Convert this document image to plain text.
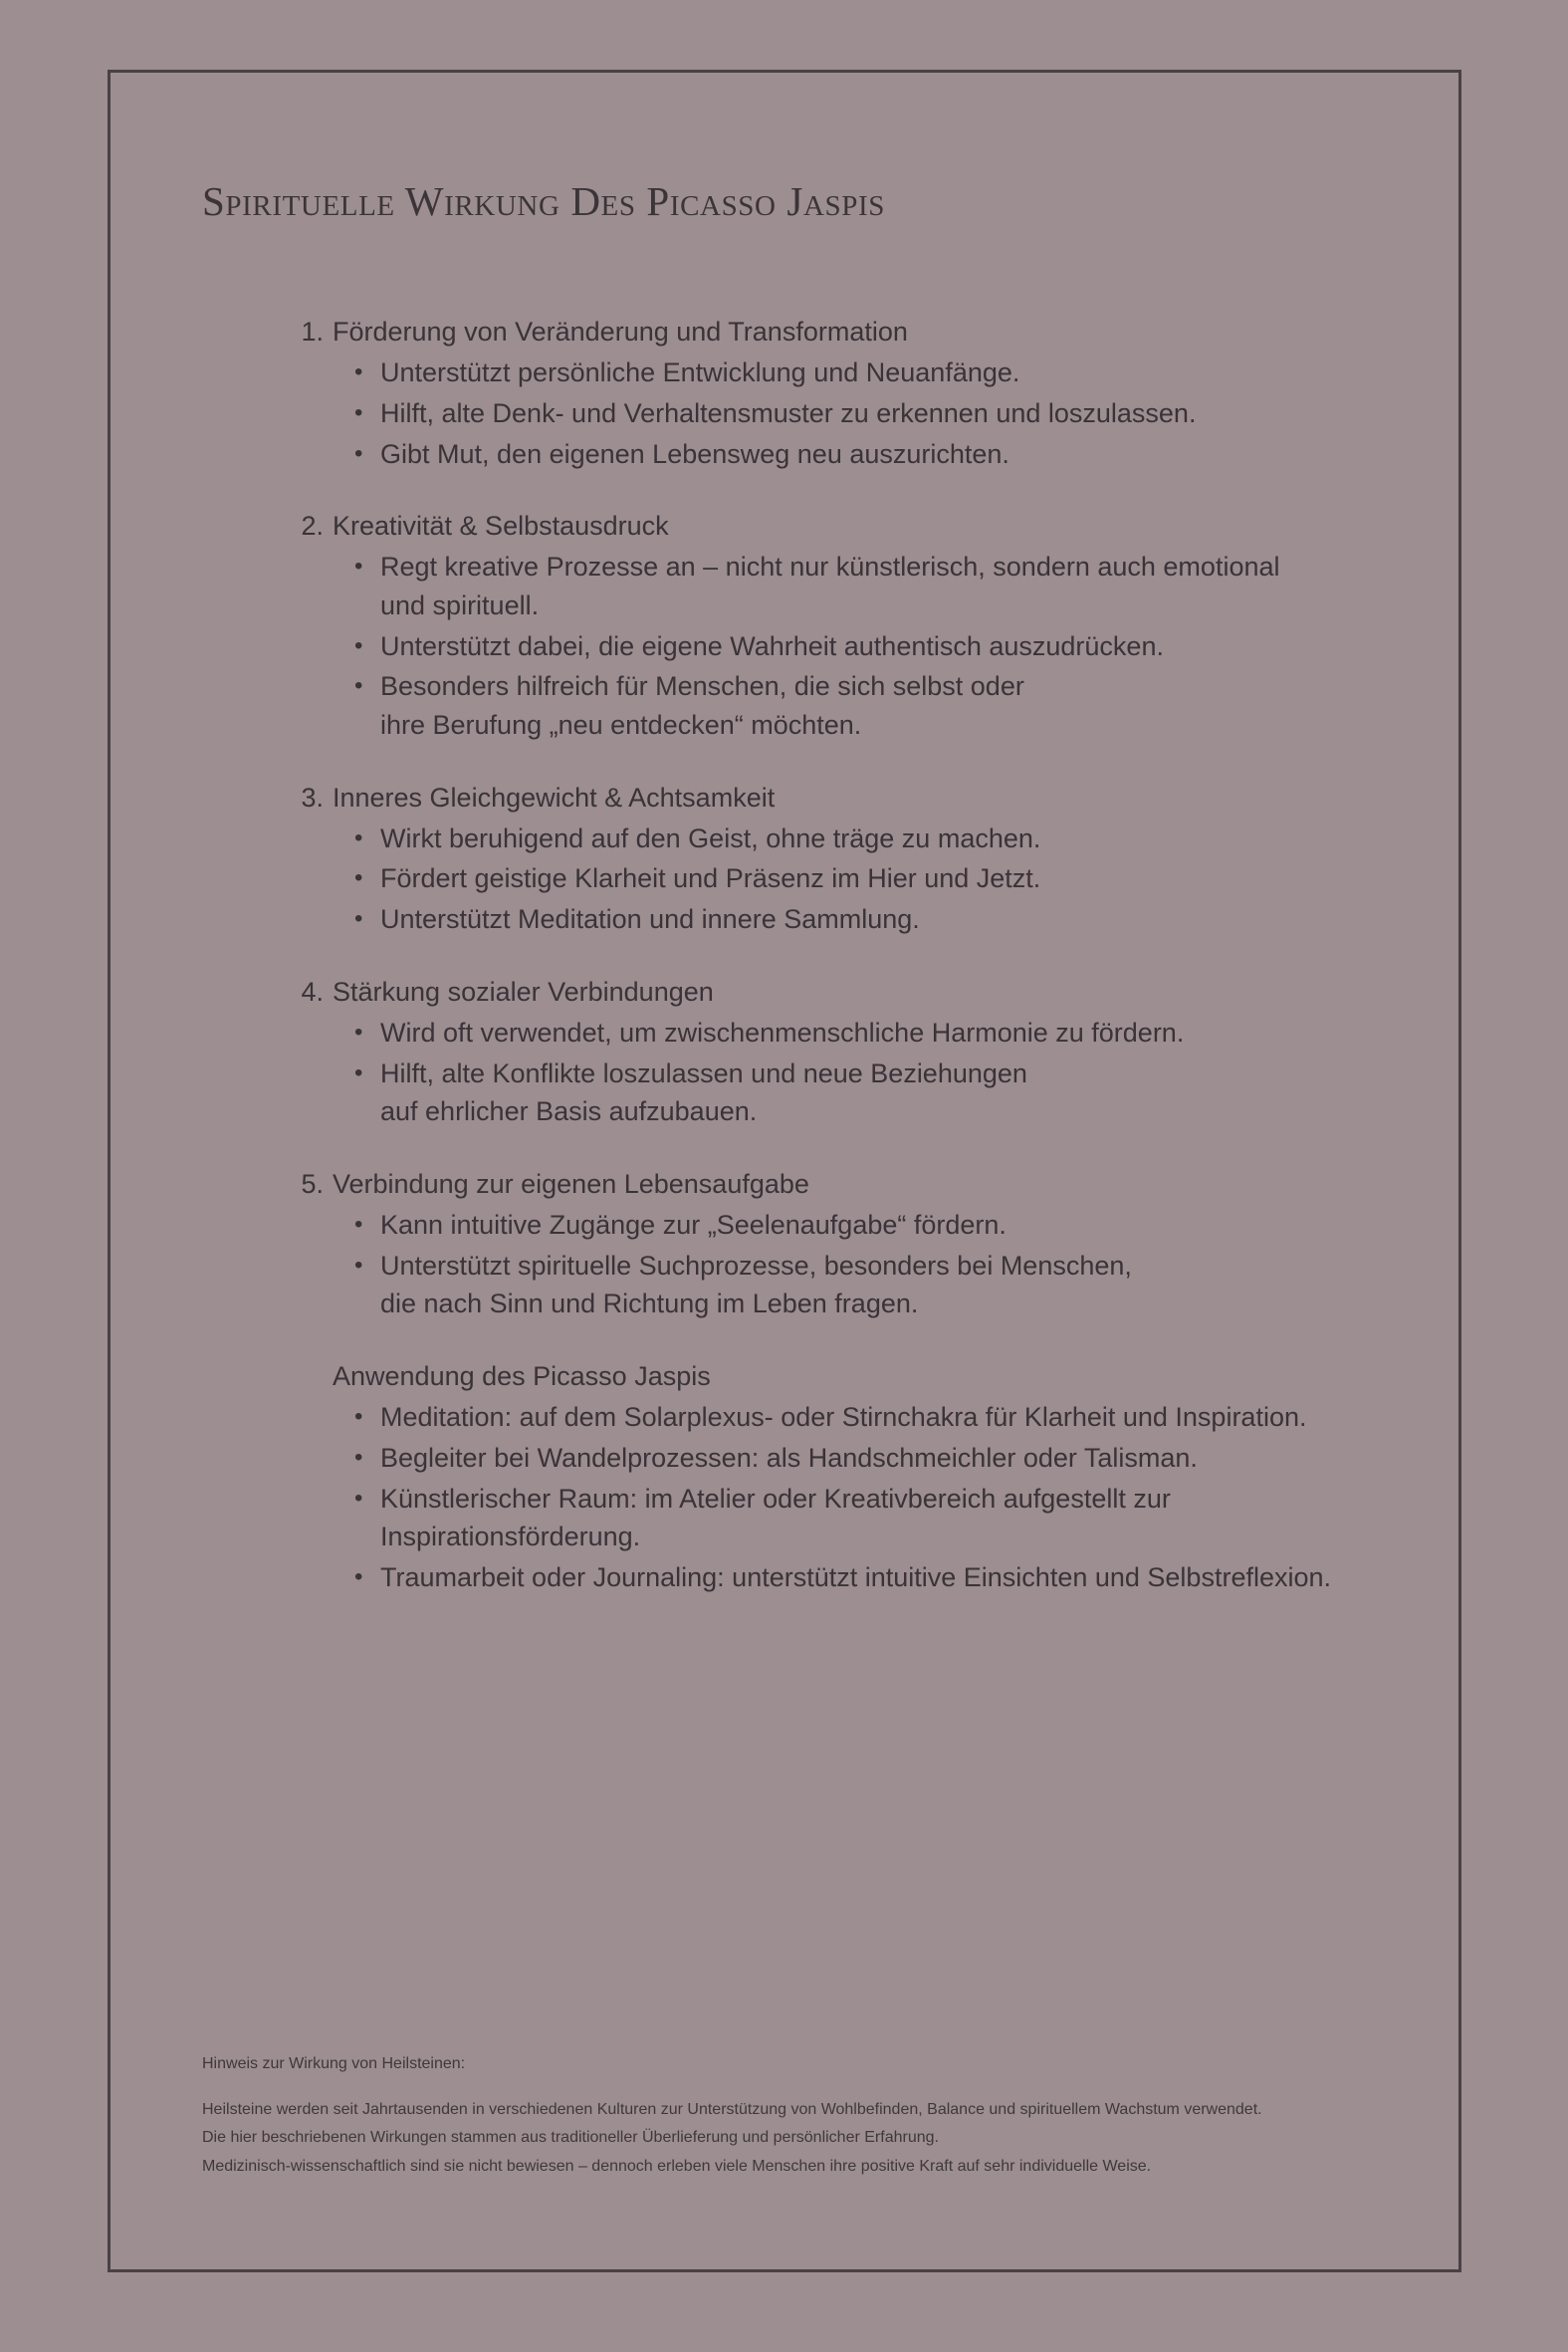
Spirituelle Wirkung Des Picasso Jaspis
1. Förderung von Veränderung und Transformation
• Unterstützt persönliche Entwicklung und Neuanfänge.
• Hilft, alte Denk- und Verhaltensmuster zu erkennen und loszulassen.
• Gibt Mut, den eigenen Lebensweg neu auszurichten.
2. Kreativität & Selbstausdruck
• Regt kreative Prozesse an – nicht nur künstlerisch, sondern auch emotional
und spirituell.
• Unterstützt dabei, die eigene Wahrheit authentisch auszudrücken.
• Besonders hilfreich für Menschen, die sich selbst oder
ihre Berufung „neu entdecken“ möchten.
3. Inneres Gleichgewicht & Achtsamkeit
• Wirkt beruhigend auf den Geist, ohne träge zu machen.
• Fördert geistige Klarheit und Präsenz im Hier und Jetzt.
• Unterstützt Meditation und innere Sammlung.
4. Stärkung sozialer Verbindungen
• Wird oft verwendet, um zwischenmenschliche Harmonie zu fördern.
• Hilft, alte Konflikte loszulassen und neue Beziehungen
auf ehrlicher Basis aufzubauen.
5. Verbindung zur eigenen Lebensaufgabe
• Kann intuitive Zugänge zur „Seelenaufgabe“ fördern.
• Unterstützt spirituelle Suchprozesse, besonders bei Menschen,
die nach Sinn und Richtung im Leben fragen.
Anwendung des Picasso Jaspis
• Meditation: auf dem Solarplexus- oder Stirnchakra für Klarheit und Inspiration.
• Begleiter bei Wandelprozessen: als Handschmeichler oder Talisman.
• Künstlerischer Raum: im Atelier oder Kreativbereich aufgestellt zur
Inspirationsförderung.
• Traumarbeit oder Journaling: unterstützt intuitive Einsichten und Selbstreflexion.
Hinweis zur Wirkung von Heilsteinen:

Heilsteine werden seit Jahrtausenden in verschiedenen Kulturen zur Unterstützung von Wohlbefinden, Balance und spirituellem Wachstum verwendet.

Die hier beschriebenen Wirkungen stammen aus traditioneller Überlieferung und persönlicher Erfahrung.

Medizinisch-wissenschaftlich sind sie nicht bewiesen – dennoch erleben viele Menschen ihre positive Kraft auf sehr individuelle Weise.
